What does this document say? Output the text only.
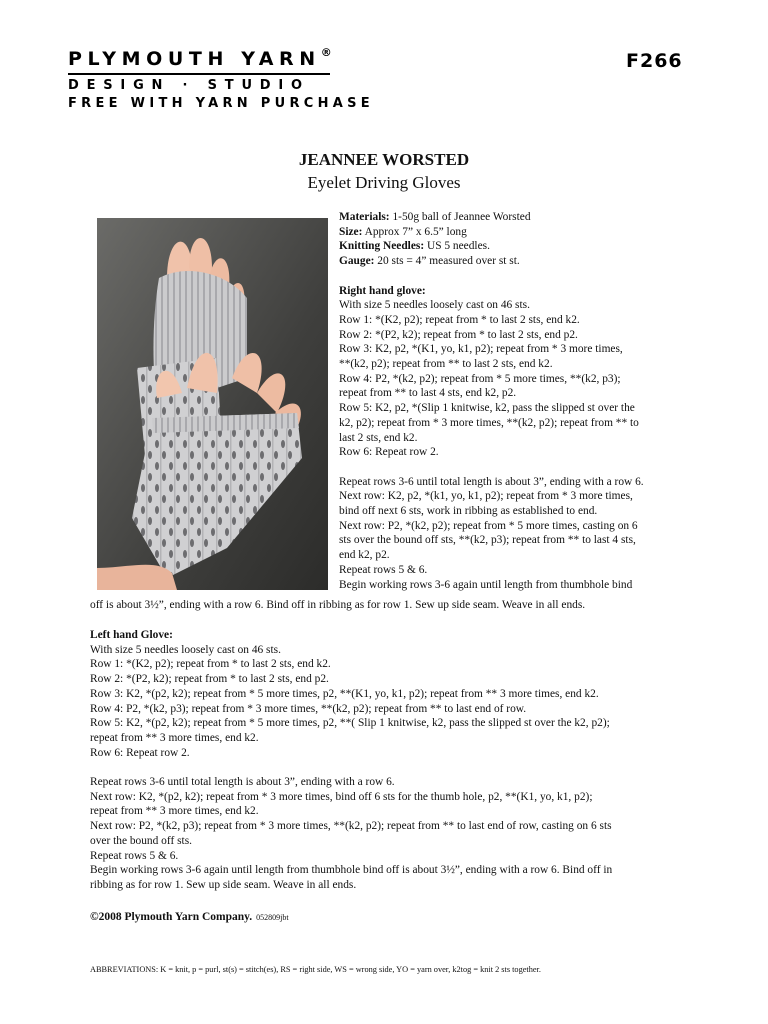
PLYMOUTH YARN®
DESIGN · STUDIO
FREE WITH YARN PURCHASE
F266
JEANNEE WORSTED
Eyelet Driving Gloves

Materials: 1-50g ball of Jeannee Worsted

Size: Approx 7” x 6.5” long

Knitting Needles: US 5 needles.

Gauge: 20 sts = 4” measured over st st.

Right hand glove:

With size 5 needles loosely cast on 46 sts.

Row 1: *(K2, p2); repeat from * to last 2 sts, end k2.

Row 2: *(P2, k2); repeat from * to last 2 sts, end p2.

Row 3: K2, p2, *(K1, yo, k1, p2); repeat from * 3 more times,

**(k2, p2); repeat from ** to last 2 sts, end k2.

Row 4: P2, *(k2, p2); repeat from * 5 more times, **(k2, p3);

repeat from ** to last 4 sts, end k2, p2.

Row 5: K2, p2, *(Slip 1 knitwise, k2, pass the slipped st over the

k2, p2); repeat from * 3 more times, **(k2, p2); repeat from ** to

last 2 sts, end k2.

Row 6: Repeat row 2.

Repeat rows 3-6 until total length is about 3”, ending with a row 6.

Next row: K2, p2, *(k1, yo, k1, p2); repeat from * 3 more times,

bind off next 6 sts, work in ribbing as established to end.

Next row: P2, *(k2, p2); repeat from * 5 more times, casting on 6

sts over the bound off sts, **(k2, p3); repeat from ** to last 4 sts,

end k2, p2.

Repeat rows 5 & 6.

Begin working rows 3-6 again until length from thumbhole bind

off is about 3½”, ending with a row 6. Bind off in ribbing as for row 1. Sew up side seam. Weave in all ends.

Left hand Glove:

With size 5 needles loosely cast on 46 sts.

Row 1: *(K2, p2); repeat from * to last 2 sts, end k2.

Row 2: *(P2, k2); repeat from * to last 2 sts, end p2.

Row 3: K2, *(p2, k2); repeat from * 5 more times, p2, **(K1, yo, k1, p2); repeat from ** 3 more times, end k2.

Row 4: P2, *(k2, p3); repeat from * 3 more times, **(k2, p2); repeat from ** to last end of row.

Row 5: K2, *(p2, k2); repeat from * 5 more times, p2, **( Slip 1 knitwise, k2, pass the slipped st over the k2, p2);

repeat from ** 3 more times, end k2.

Row 6: Repeat row 2.

Repeat rows 3-6 until total length is about 3”, ending with a row 6.

Next row: K2, *(p2, k2); repeat from * 3 more times, bind off 6 sts for the thumb hole, p2, **(K1, yo, k1, p2);

repeat from ** 3 more times, end k2.

Next row: P2, *(k2, p3); repeat from * 3 more times, **(k2, p2); repeat from ** to last end of row, casting on 6 sts

over the bound off sts.

Repeat rows 5 & 6.

Begin working rows 3-6 again until length from thumbhole bind off is about 3½”, ending with a row 6. Bind off in

ribbing as for row 1. Sew up side seam. Weave in all ends.

©2008 Plymouth Yarn Company. 052809jbt
ABBREVIATIONS: K = knit, p = purl, st(s) = stitch(es), RS = right side, WS = wrong side, YO = yarn over, k2tog = knit 2 sts together.
